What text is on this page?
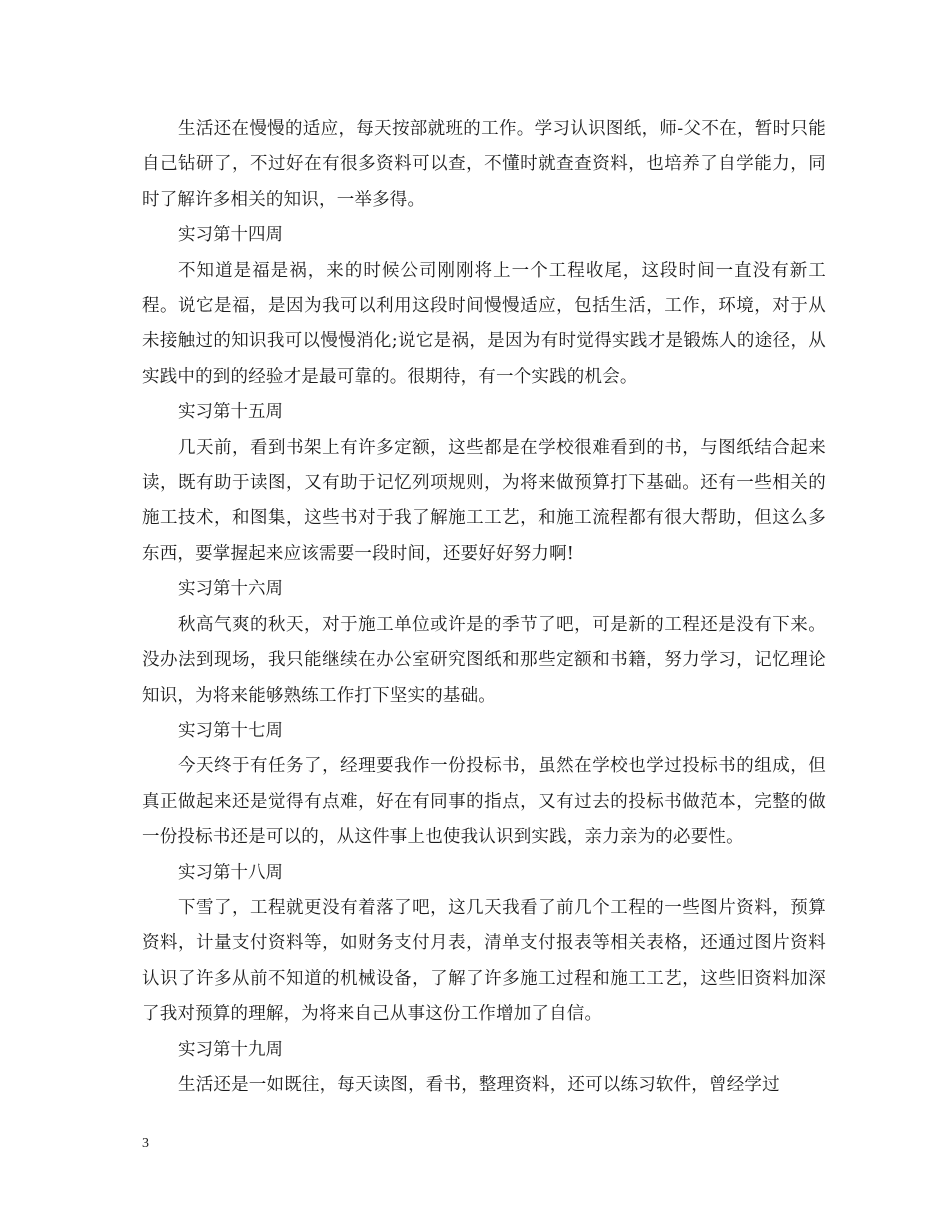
生活还在慢慢的适应，每天按部就班的工作。学习认识图纸，师-父不在，暂时只能自己钻研了，不过好在有很多资料可以查，不懂时就查查资料，也培养了自学能力，同时了解许多相关的知识，一举多得。

实习第十四周

不知道是福是祸，来的时候公司刚刚将上一个工程收尾，这段时间一直没有新工程。说它是福，是因为我可以利用这段时间慢慢适应，包括生活，工作，环境，对于从未接触过的知识我可以慢慢消化;说它是祸，是因为有时觉得实践才是锻炼人的途径，从实践中的到的经验才是最可靠的。很期待，有一个实践的机会。

实习第十五周

几天前，看到书架上有许多定额，这些都是在学校很难看到的书，与图纸结合起来读，既有助于读图，又有助于记忆列项规则，为将来做预算打下基础。还有一些相关的施工技术，和图集，这些书对于我了解施工工艺，和施工流程都有很大帮助，但这么多东西，要掌握起来应该需要一段时间，还要好好努力啊!

实习第十六周

秋高气爽的秋天，对于施工单位或许是的季节了吧，可是新的工程还是没有下来。没办法到现场，我只能继续在办公室研究图纸和那些定额和书籍，努力学习，记忆理论知识，为将来能够熟练工作打下坚实的基础。

实习第十七周

今天终于有任务了，经理要我作一份投标书，虽然在学校也学过投标书的组成，但真正做起来还是觉得有点难，好在有同事的指点，又有过去的投标书做范本，完整的做一份投标书还是可以的，从这件事上也使我认识到实践，亲力亲为的必要性。

实习第十八周

下雪了，工程就更没有着落了吧，这几天我看了前几个工程的一些图片资料，预算资料，计量支付资料等，如财务支付月表，清单支付报表等相关表格，还通过图片资料认识了许多从前不知道的机械设备，了解了许多施工过程和施工工艺，这些旧资料加深了我对预算的理解，为将来自己从事这份工作增加了自信。

实习第十九周

生活还是一如既往，每天读图，看书，整理资料，还可以练习软件，曾经学过

3
